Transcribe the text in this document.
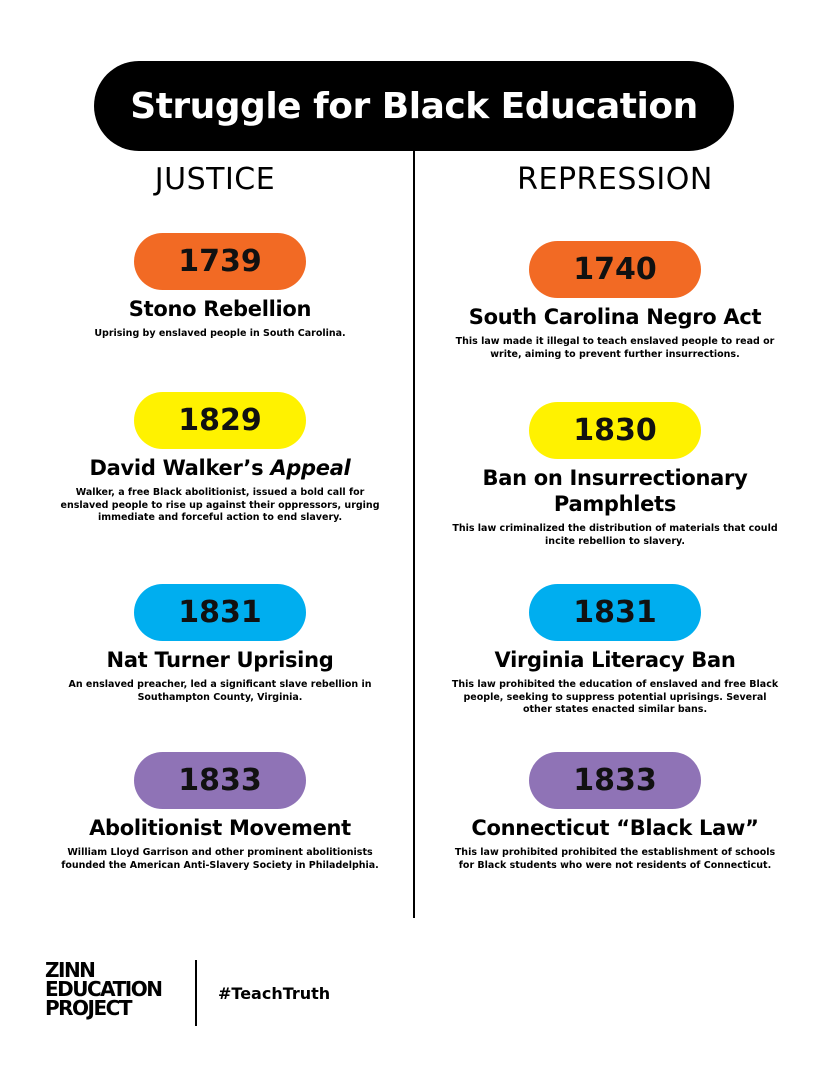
Struggle for Black Education
JUSTICE	REPRESSION
1739
Stono Rebellion
Uprising by enslaved people in South Carolina.
1829
David Walker’s Appeal
Walker, a free Black abolitionist, issued a bold call for enslaved people to rise up against their oppressors, urging immediate and forceful action to end slavery.
1831
Nat Turner Uprising
An enslaved preacher, led a significant slave rebellion in Southampton County, Virginia.
1833
Abolitionist Movement
William Lloyd Garrison and other prominent abolitionists founded the American Anti-Slavery Society in Philadelphia.
1740
South Carolina Negro Act
This law made it illegal to teach enslaved people to read or write, aiming to prevent further insurrections.
1830
Ban on Insurrectionary Pamphlets
This law criminalized the distribution of materials that could incite rebellion to slavery.
1831
Virginia Literacy Ban
This law prohibited the education of enslaved and free Black people, seeking to suppress potential uprisings. Several other states enacted similar bans.
1833
Connecticut “Black Law”
This law prohibited prohibited the establishment of schools for Black students who were not residents of Connecticut.
ZINN
EDUCATION
PROJECT
#TeachTruth
